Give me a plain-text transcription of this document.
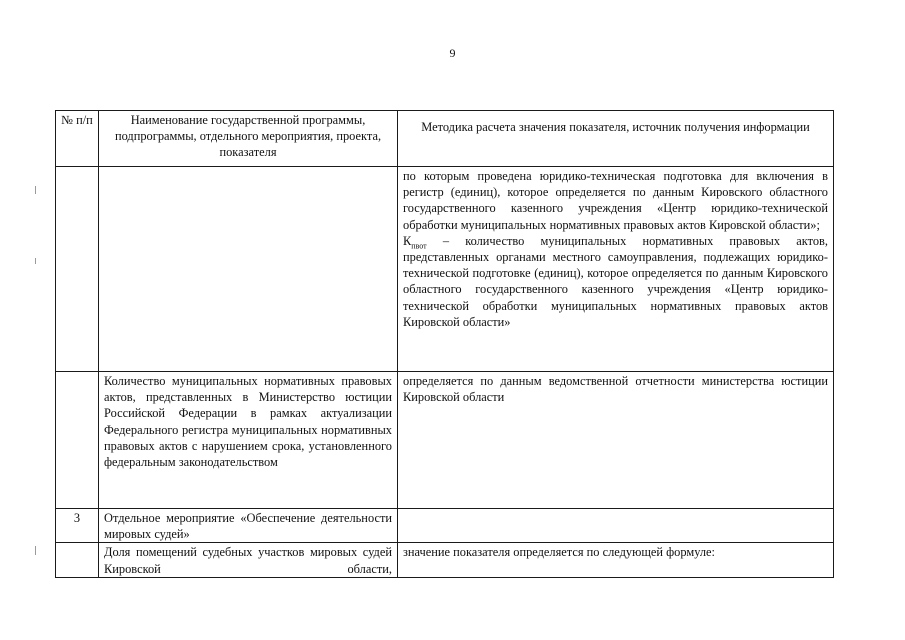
9
№ п/п	Наименование государственной программы, подпрограммы, отдельного мероприятия, проекта, показателя	Методика расчета значения показателя, источник получения информации

		по которым проведена юридико-техническая подготовка для включения в регистр (единиц), которое определяется по данным Кировского областного государственного казенного учреждения «Центр юридико-технической обработки муниципальных нормативных правовых актов Кировской области»;
$К_{пвот}$ – количество муниципальных нормативных правовых актов, представленных органами местного самоуправления, подлежащих юридико-технической подготовке (единиц), которое определяется по данным Кировского областного государственного казенного учреждения «Центр юридико-технической обработки муниципальных нормативных правовых актов Кировской области»

	Количество муниципальных нормативных правовых актов, представленных в Министерство юстиции Российской Федерации в рамках актуализации Федерального регистра муниципальных нормативных правовых актов с нарушением срока, установленного федеральным законодательством	определяется по данным ведомственной отчетности министерства юстиции Кировской области
3	Отдельное мероприятие «Обеспечение деятельности мировых судей»	
	Доля помещений судебных участков мировых судей Кировской области,	значение показателя определяется по следующей формуле:
